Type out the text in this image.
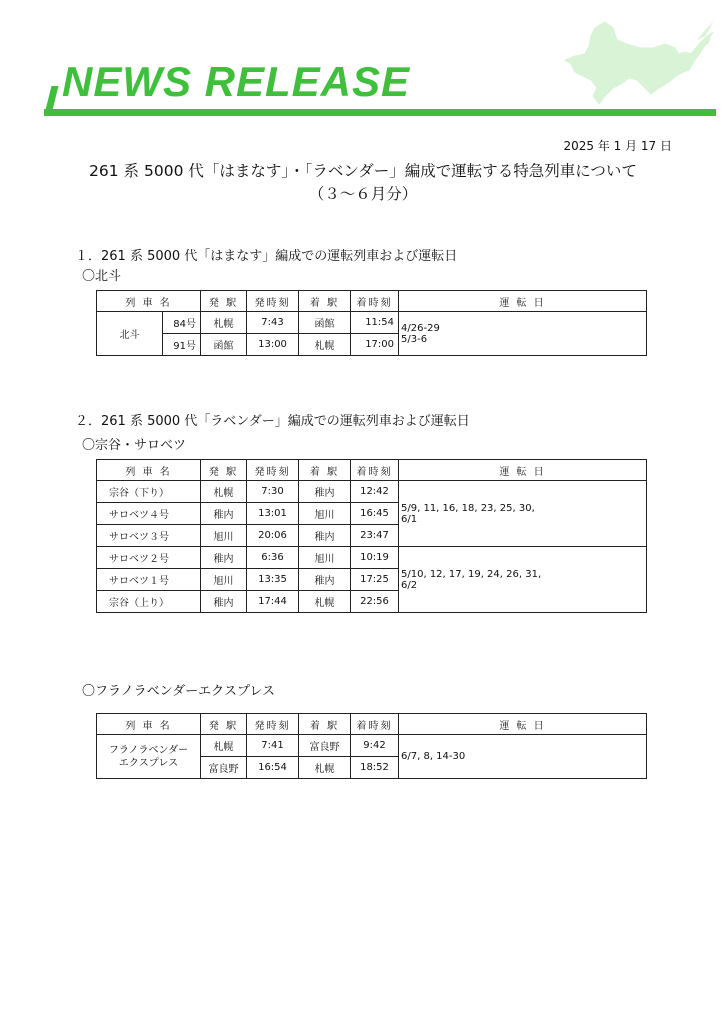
NEWS RELEASE
2025 年 1 月 17 日
261 系 5000 代「はまなす」・「ラベンダー」編成で運転する特急列車について
（３～６月分）
１．261 系 5000 代「はまなす」編成での運転列車および運転日
〇北斗
列 車 名		発 駅	発時刻	着 駅	着時刻	運 転 日
北斗	84号	札幌	7:43	函館	11:54	4/26-29
5/3-6

	91号	函館	13:00	札幌	17:00	
２．261 系 5000 代「ラベンダー」編成での運転列車および運転日
〇宗谷・サロベツ
列 車 名	発 駅	発時刻	着 駅	着時刻	運 転 日
宗谷（下り）	札幌	7:30	稚内	12:42	5/9, 11, 16, 18, 23, 25, 30,
6/1

サロベツ４号	稚内	13:01	旭川	16:45	
サロベツ３号	旭川	20:06	稚内	23:47	
サロベツ２号	稚内	6:36	旭川	10:19	5/10, 12, 17, 19, 24, 26, 31,
6/2

サロベツ１号	旭川	13:35	稚内	17:25	
宗谷（上り）	稚内	17:44	札幌	22:56	
〇フラノラベンダーエクスプレス
列 車 名	発 駅	発時刻	着 駅	着時刻	運 転 日

フラノラベンダー
エクスプレス	札幌	7:41	富良野	9:42	6/7, 8, 14-30
	富良野	16:54	札幌	18:52	
